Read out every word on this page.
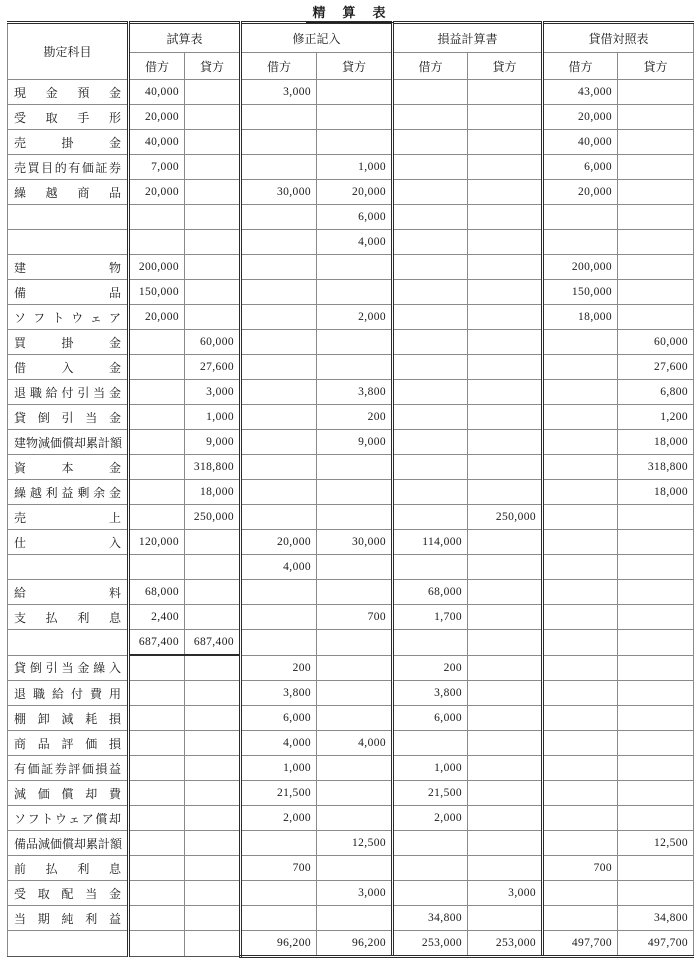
精　算　表
勘定科目	試算表		修正記入		損益計算書		貸借対照表	
	借方	貸方	借方	貸方	借方	貸方	借方	貸方
現金預金	40,000		3,000				43,000	
受取手形	20,000						20,000	
売掛金	40,000						40,000	
売買目的有価証券	7,000			1,000			6,000	
繰越商品	20,000		30,000	20,000			20,000	
				6,000				
				4,000				
建物	200,000						200,000	
備品	150,000						150,000	
ソフトウェア	20,000			2,000			18,000	
買掛金		60,000						60,000
借入金		27,600						27,600
退職給付引当金		3,000		3,800				6,800
貸倒引当金		1,000		200				1,200
建物減価償却累計額		9,000		9,000				18,000
資本金		318,800						318,800
繰越利益剰余金		18,000						18,000
売上		250,000				250,000		
仕入	120,000		20,000	30,000	114,000			
			4,000					
給料	68,000				68,000			
支払利息	2,400			700	1,700			
	687,400	687,400						
貸倒引当金繰入			200		200			
退職給付費用			3,800		3,800			
棚卸減耗損			6,000		6,000			
商品評価損			4,000	4,000				
有価証券評価損益			1,000		1,000			
減価償却費			21,500		21,500			
ソフトウェア償却			2,000		2,000			
備品減価償却累計額				12,500				12,500
前払利息			700				700	
受取配当金				3,000		3,000		
当期純利益					34,800			34,800
			96,200	96,200	253,000	253,000	497,700	497,700
